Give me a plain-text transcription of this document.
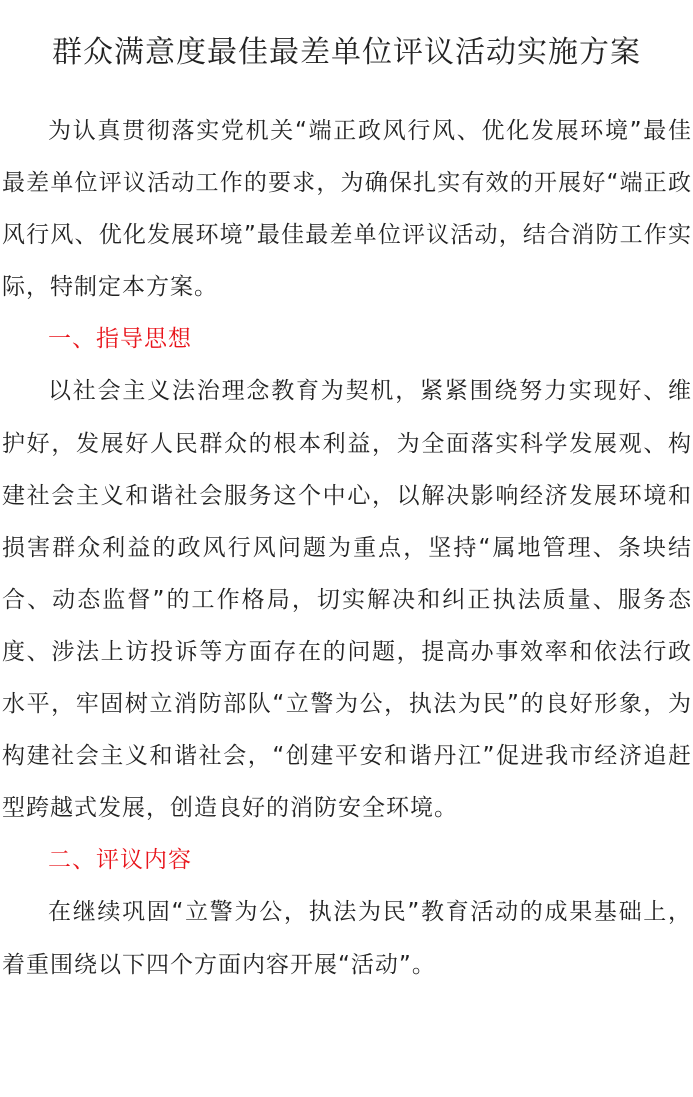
群众满意度最佳最差单位评议活动实施方案

为认真贯彻落实党机关“端正政风行风、优化发展环境”最佳最差单位评议活动工作的要求，为确保扎实有效的开展好“端正政风行风、优化发展环境”最佳最差单位评议活动，结合消防工作实际，特制定本方案。

一、指导思想

以社会主义法治理念教育为契机，紧紧围绕努力实现好、维护好，发展好人民群众的根本利益，为全面落实科学发展观、构建社会主义和谐社会服务这个中心，以解决影响经济发展环境和损害群众利益的政风行风问题为重点，坚持“属地管理、条块结合、动态监督”的工作格局，切实解决和纠正执法质量、服务态度、涉法上访投诉等方面存在的问题，提高办事效率和依法行政水平，牢固树立消防部队“立警为公，执法为民”的良好形象，为构建社会主义和谐社会，“创建平安和谐丹江”促进我市经济追赶型跨越式发展，创造良好的消防安全环境。

二、评议内容

在继续巩固“立警为公，执法为民”教育活动的成果基础上，着重围绕以下四个方面内容开展“活动”。
